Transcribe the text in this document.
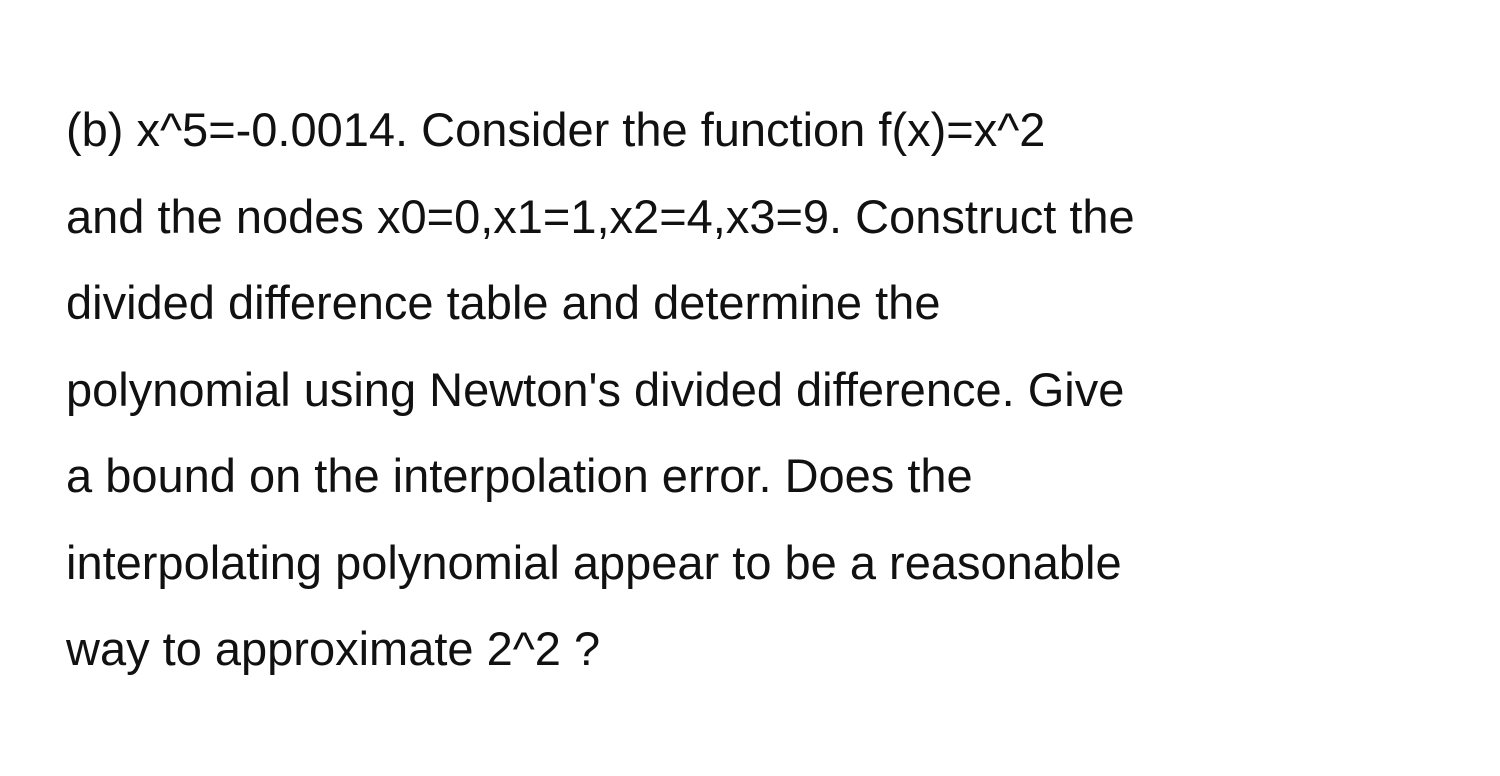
(b) x^5=-0.0014. Consider the function f(x)=x^2
and the nodes x0=0,x1=1,x2=4,x3=9. Construct the
divided difference table and determine the
polynomial using Newton's divided difference. Give
a bound on the interpolation error. Does the
interpolating polynomial appear to be a reasonable
way to approximate 2^2 ?
